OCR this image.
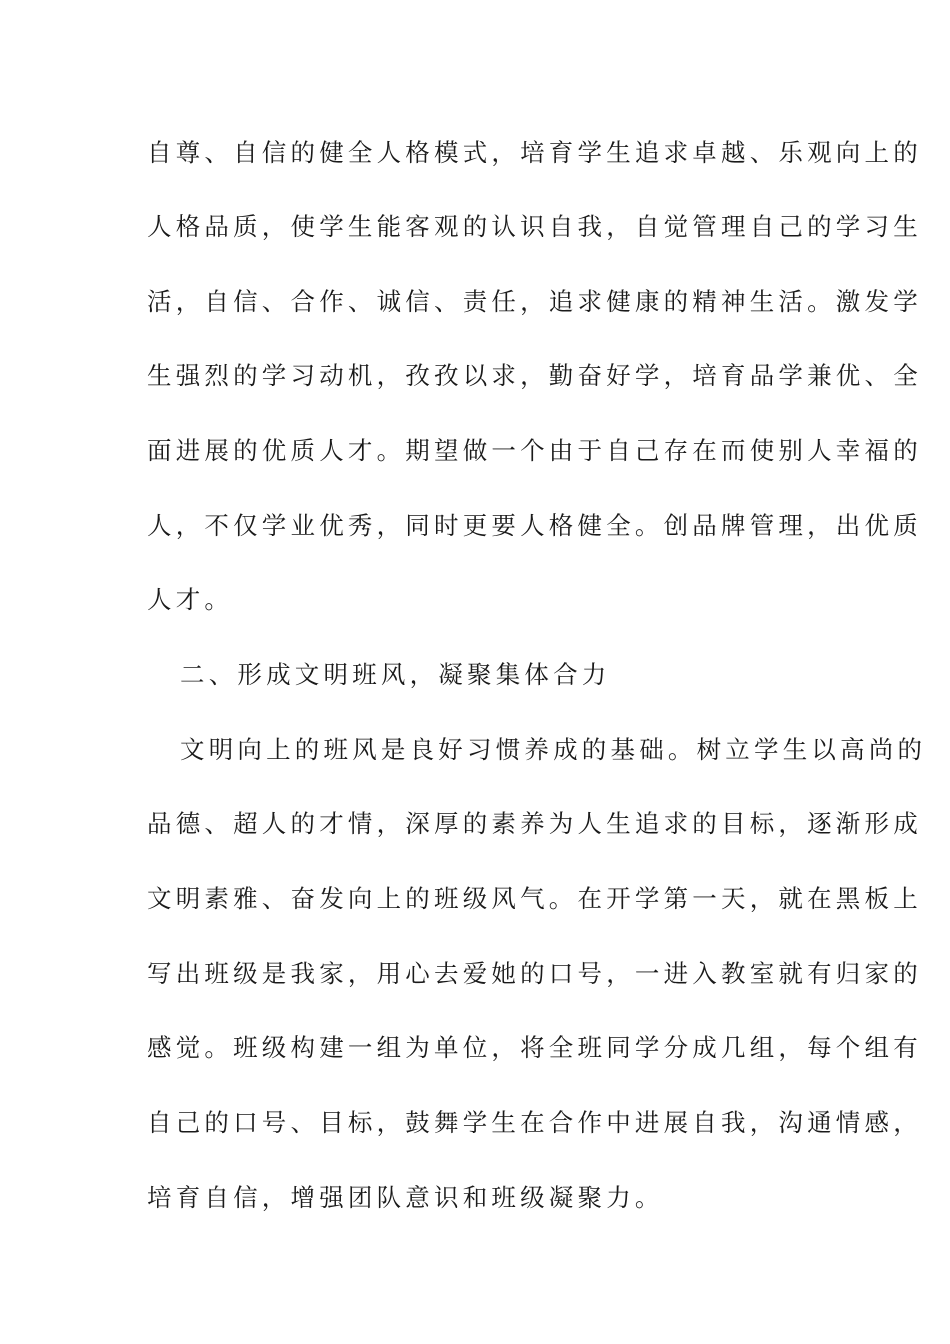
自尊、自信的健全人格模式，培育学生追求卓越、乐观向上的
人格品质，使学生能客观的认识自我，自觉管理自己的学习生
活，自信、合作、诚信、责任，追求健康的精神生活。激发学
生强烈的学习动机，孜孜以求，勤奋好学，培育品学兼优、全
面进展的优质人才。期望做一个由于自己存在而使别人幸福的
人，不仅学业优秀，同时更要人格健全。创品牌管理，出优质
人才。
二、形成文明班风，凝聚集体合力
文明向上的班风是良好习惯养成的基础。树立学生以高尚的
品德、超人的才情，深厚的素养为人生追求的目标，逐渐形成
文明素雅、奋发向上的班级风气。在开学第一天，就在黑板上
写出班级是我家，用心去爱她的口号，一进入教室就有归家的
感觉。班级构建一组为单位，将全班同学分成几组，每个组有
自己的口号、目标，鼓舞学生在合作中进展自我，沟通情感，
培育自信，增强团队意识和班级凝聚力。
